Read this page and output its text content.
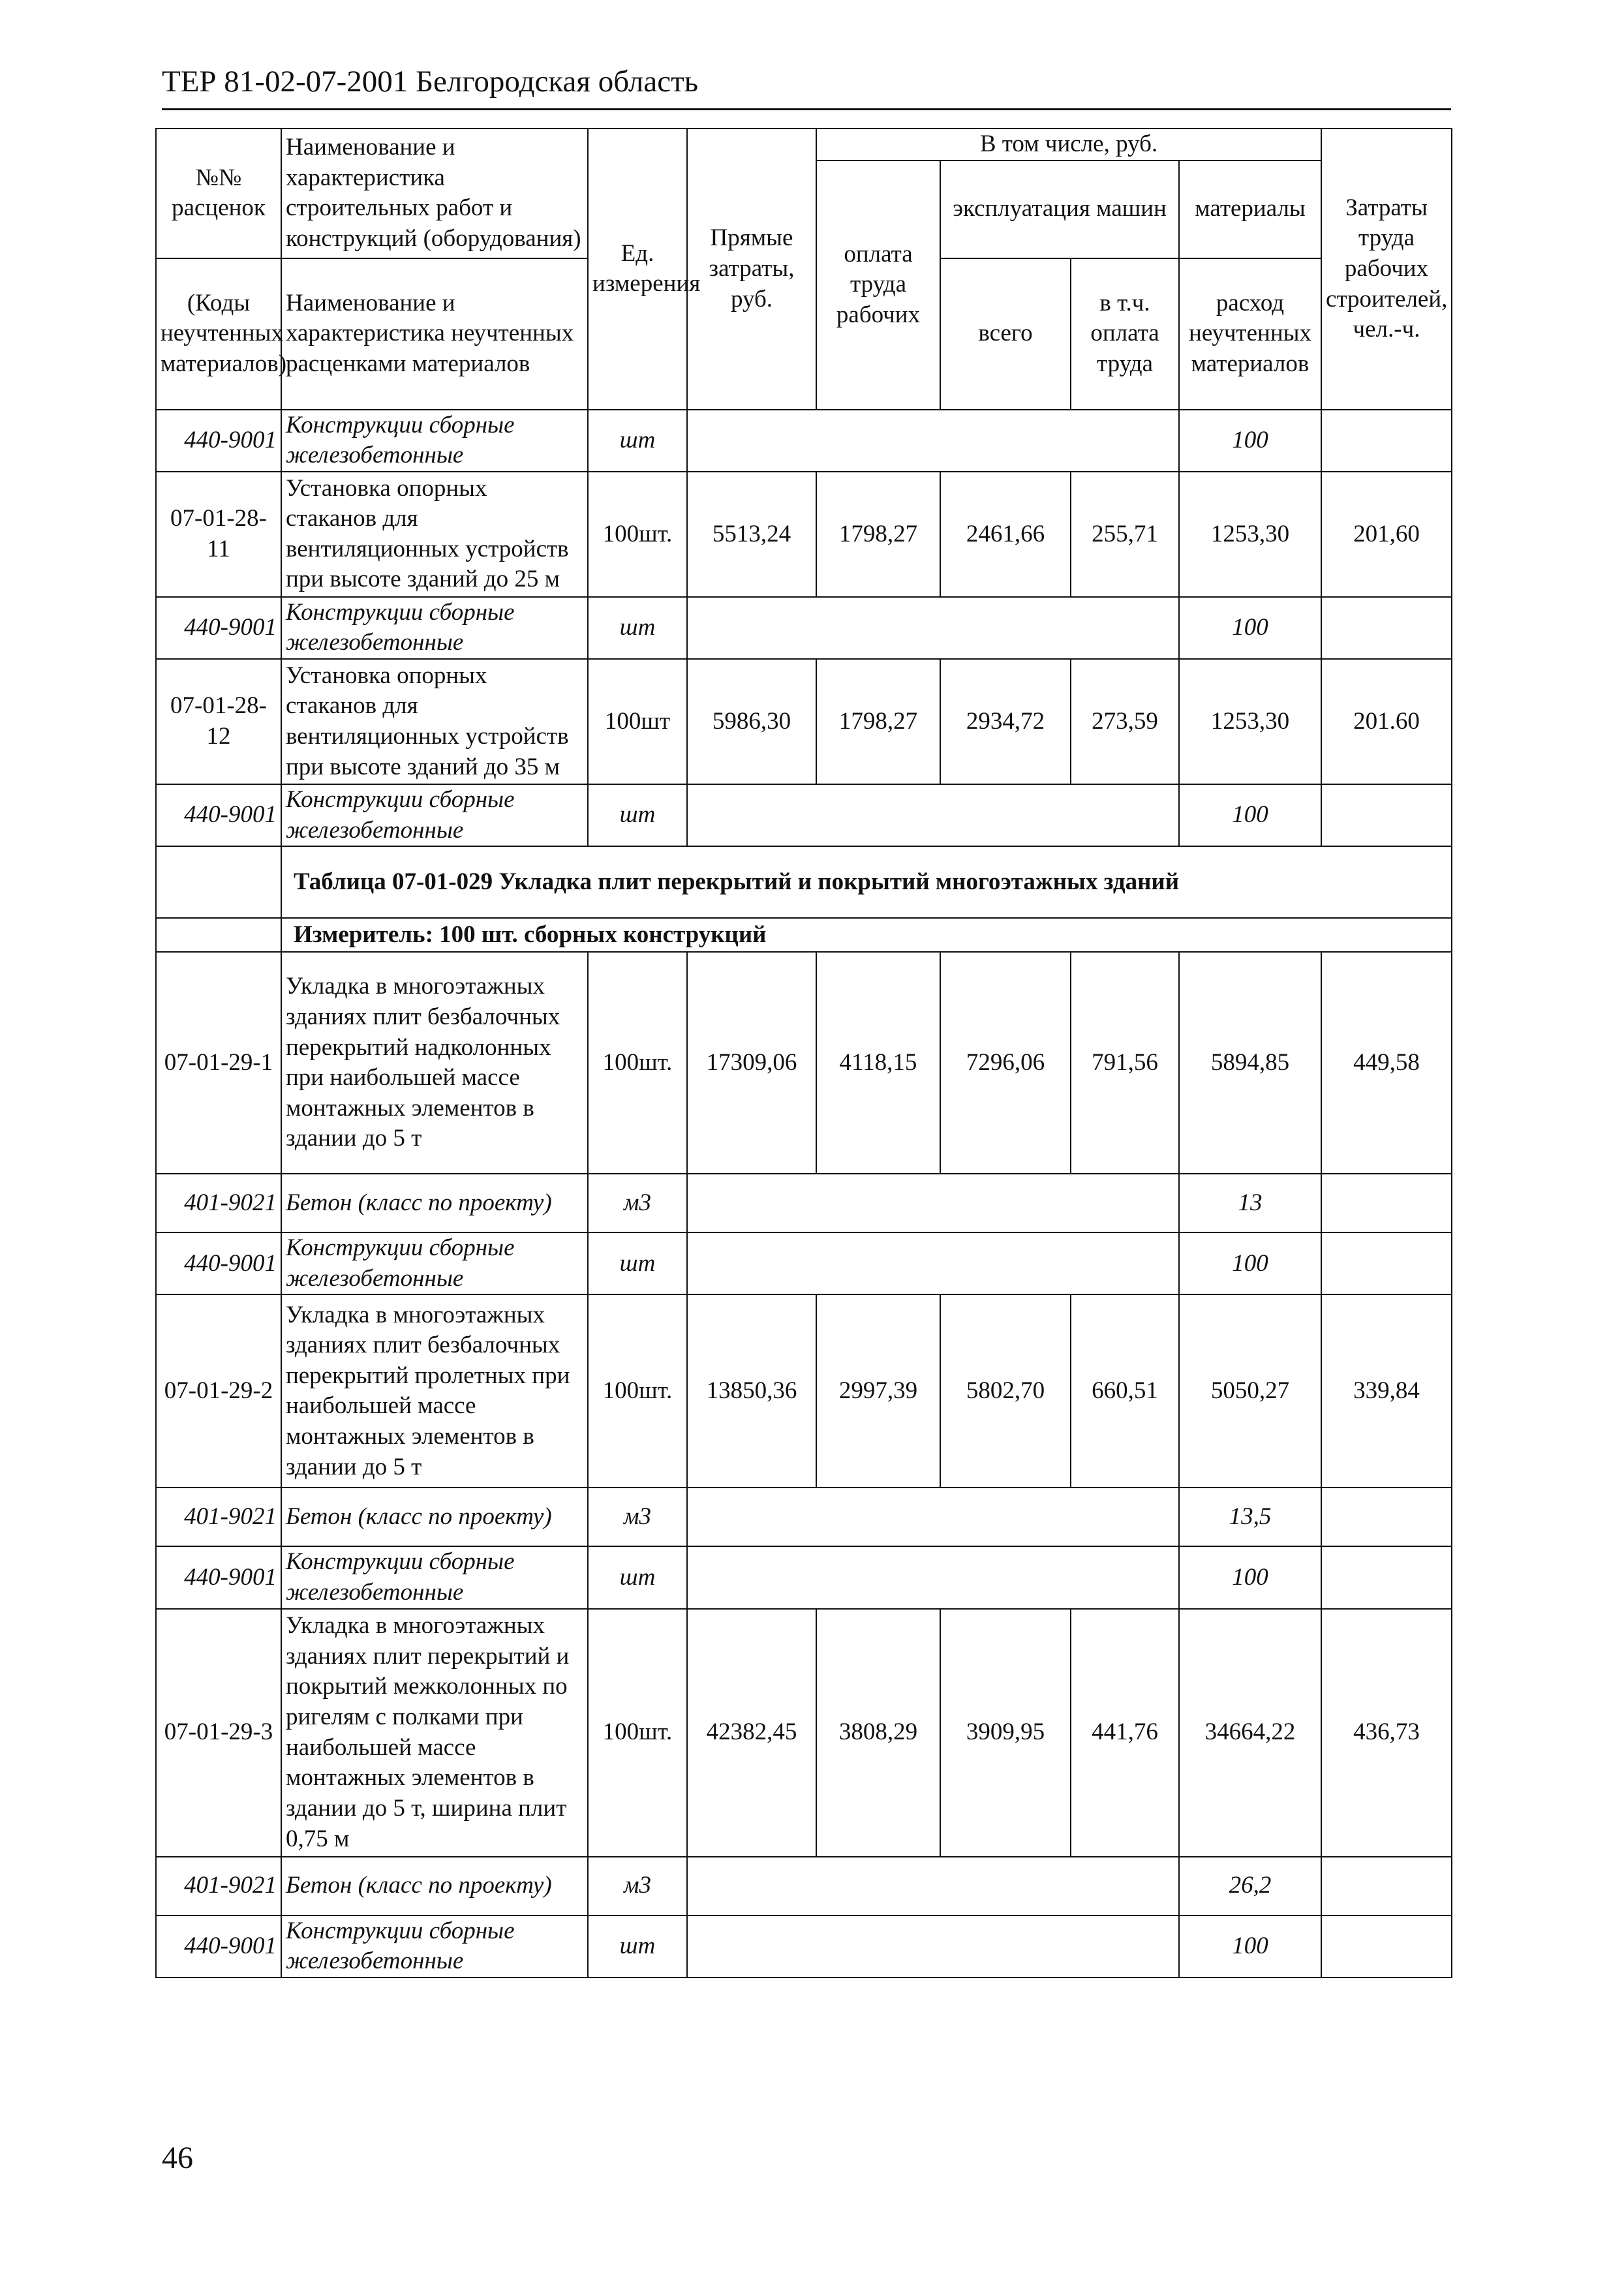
ТЕР 81-02-07-2001 Белгородская область
№№ расценок	Наименование и характеристика строительных работ и конструкций (оборудования)	Ед. измерения	Прямые затраты, руб.	В том числе, руб.				Затраты труда рабочих строителей, чел.-ч.
				оплата труда рабочих	эксплуатация машин		материалы	
(Коды неучтенных материалов)	Наименование и характеристика неучтенных расценками материалов				всего	в т.ч. оплата труда	расход неучтенных материалов	

440-9001	Конструкции сборные железобетонные	шт					100	
07-01-28-11	Установка опорных стаканов для вентиляционных устройств при высоте зданий до 25 м	100шт.	5513,24	1798,27	2461,66	255,71	1253,30	201,60
440-9001	Конструкции сборные железобетонные	шт					100	
07-01-28-12	Установка опорных стаканов для вентиляционных устройств при высоте зданий до 35 м	100шт	5986,30	1798,27	2934,72	273,59	1253,30	201.60
440-9001	Конструкции сборные железобетонные	шт					100	
	Таблица 07-01-029 Укладка плит перекрытий и покрытий многоэтажных зданий							
	Измеритель: 100 шт. сборных конструкций							
07-01-29-1	Укладка в многоэтажных зданиях плит безбалочных перекрытий надколонных при наибольшей массе монтажных элементов в здании до 5 т	100шт.	17309,06	4118,15	7296,06	791,56	5894,85	449,58
401-9021	Бетон (класс по проекту)	м3					13	
440-9001	Конструкции сборные железобетонные	шт					100	
07-01-29-2	Укладка в многоэтажных зданиях плит безбалочных перекрытий пролетных при наибольшей массе монтажных элементов в здании до 5 т	100шт.	13850,36	2997,39	5802,70	660,51	5050,27	339,84
401-9021	Бетон (класс по проекту)	м3					13,5	
440-9001	Конструкции сборные железобетонные	шт					100	
07-01-29-3	Укладка в многоэтажных зданиях плит перекрытий и покрытий межколонных по ригелям с полками при наибольшей массе монтажных элементов в здании до 5 т, ширина плит 0,75 м	100шт.	42382,45	3808,29	3909,95	441,76	34664,22	436,73
401-9021	Бетон (класс по проекту)	м3					26,2	
440-9001	Конструкции сборные железобетонные	шт					100	
46
